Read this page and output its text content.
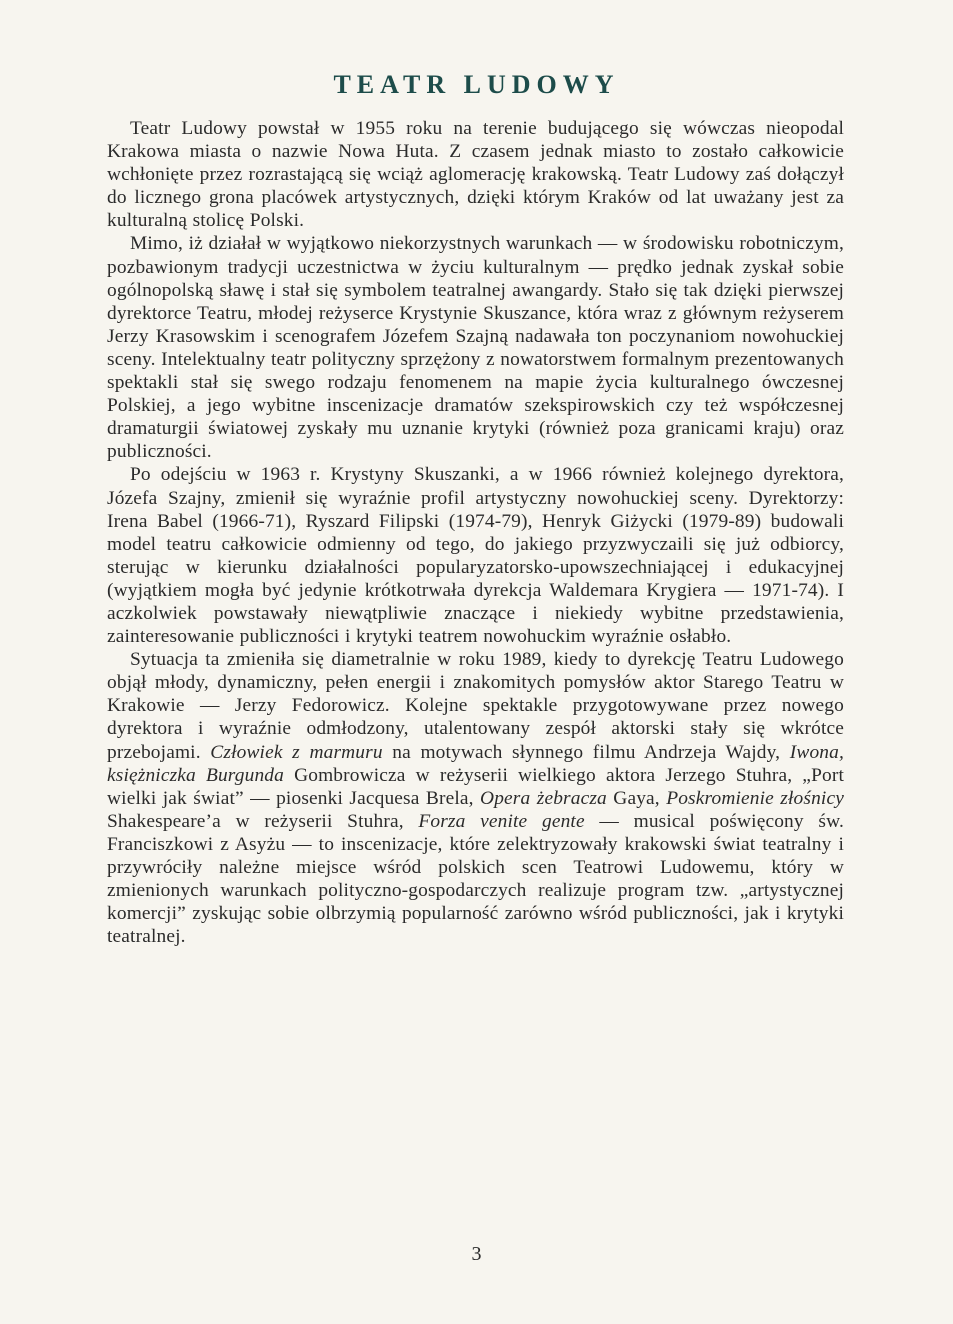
TEATR LUDOWY

Teatr Ludowy powstał w 1955 roku na terenie budującego się wówczas nieopodal Krakowa miasta o nazwie Nowa Huta. Z czasem jednak miasto to zostało całkowicie wchłonięte przez rozrastającą się wciąż aglomerację krakowską. Teatr Ludowy zaś dołączył do licznego grona placówek artystycznych, dzięki którym Kraków od lat uważany jest za kulturalną stolicę Polski.

Mimo, iż działał w wyjątkowo niekorzystnych warunkach — w środowisku robotniczym, pozbawionym tradycji uczestnictwa w życiu kulturalnym — prędko jednak zyskał sobie ogólnopolską sławę i stał się symbolem teatralnej awangardy. Stało się tak dzięki pierwszej dyrektorce Teatru, młodej reżyserce Krystynie Skuszance, która wraz z głównym reżyserem Jerzy Krasowskim i scenografem Józefem Szajną nadawała ton poczynaniom nowohuckiej sceny. Intelektualny teatr polityczny sprzężony z nowatorstwem formalnym prezentowanych spektakli stał się swego rodzaju fenomenem na mapie życia kulturalnego ówczesnej Polskiej, a jego wybitne inscenizacje dramatów szekspirowskich czy też współczesnej dramaturgii światowej zyskały mu uznanie krytyki (również poza granicami kraju) oraz publiczności.

Po odejściu w 1963 r. Krystyny Skuszanki, a w 1966 również kolejnego dyrektora, Józefa Szajny, zmienił się wyraźnie profil artystyczny nowohuckiej sceny. Dyrektorzy: Irena Babel (1966-71), Ryszard Filipski (1974-79), Henryk Giżycki (1979-89) budowali model teatru całkowicie odmienny od tego, do jakiego przyzwyczaili się już odbiorcy, sterując w kierunku działalności popularyzatorsko-upowszechniającej i edukacyjnej (wyjątkiem mogła być jedynie krótkotrwała dyrekcja Waldemara Krygiera — 1971-74). I aczkolwiek powstawały niewątpliwie znaczące i niekiedy wybitne przedstawienia, zainteresowanie publiczności i krytyki teatrem nowohuckim wyraźnie osłabło.

Sytuacja ta zmieniła się diametralnie w roku 1989, kiedy to dyrekcję Teatru Ludowego objął młody, dynamiczny, pełen energii i znakomitych pomysłów aktor Starego Teatru w Krakowie — Jerzy Fedorowicz. Kolejne spektakle przygotowywane przez nowego dyrektora i wyraźnie odmłodzony, utalentowany zespół aktorski stały się wkrótce przebojami. Człowiek z marmuru na motywach słynnego filmu Andrzeja Wajdy, Iwona, księżniczka Burgunda Gombrowicza w reżyserii wielkiego aktora Jerzego Stuhra, „Port wielki jak świat” — piosenki Jacquesa Brela, Opera żebracza Gaya, Poskromienie złośnicy Shakespeare’a w reżyserii Stuhra, Forza venite gente — musical poświęcony św. Franciszkowi z Asyżu — to inscenizacje, które zelektryzowały krakowski świat teatralny i przywróciły należne miejsce wśród polskich scen Teatrowi Ludowemu, który w zmienionych warunkach polityczno-gospodarczych realizuje program tzw. „artystycznej komercji” zyskując sobie olbrzymią popularność zarówno wśród publiczności, jak i krytyki teatralnej.

3
